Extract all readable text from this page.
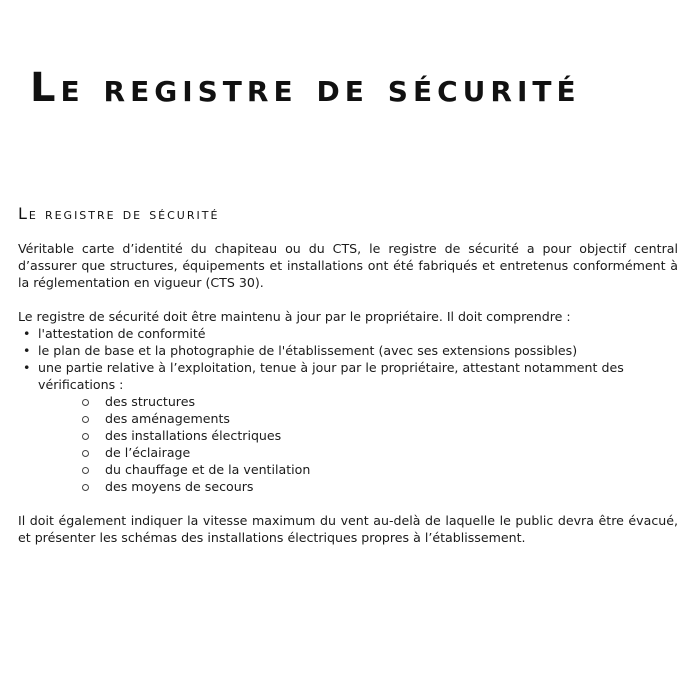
Le registre de sécurité
Le registre de sécurité

Véritable carte d’identité du chapiteau ou du CTS, le registre de sécurité a pour objectif central d’assurer que structures, équipements et installations ont été fabriqués et entretenus conformément à la réglementation en vigueur (CTS 30).

Le registre de sécurité doit être maintenu à jour par le propriétaire. Il doit comprendre :

• l'attestation de conformité
• le plan de base et la photographie de l'établissement (avec ses extensions possibles)
• une partie relative à l’exploitation, tenue à jour par le propriétaire, attestant notamment des vérifications :
des structures
des aménagements
des installations électriques
de l’éclairage
du chauffage et de la ventilation
des moyens de secours

Il doit également indiquer la vitesse maximum du vent au-delà de laquelle le public devra être évacué, et présenter les schémas des installations électriques propres à l’établissement.
